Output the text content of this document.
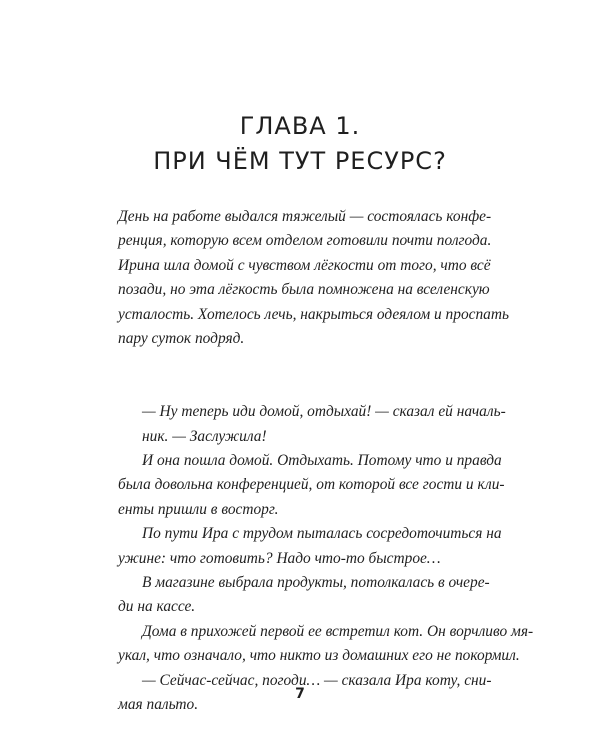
ГЛАВА 1.
ПРИ ЧЁМ ТУТ РЕСУРС?

День на работе выдался тяжелый — состоялась конфе-
ренция, которую всем отделом готовили почти полгода.
Ирина шла домой с чувством лёгкости от того, что всё
позади, но эта лёгкость была помножена на вселенскую
усталость. Хотелось лечь, накрыться одеялом и проспать
пару суток подряд.

— Ну теперь иди домой, отдыхай! — сказал ей началь-
ник. — Заслужила!

И она пошла домой. Отдыхать. Потому что и правда
была довольна конференцией, от которой все гости и кли-
енты пришли в восторг.

По пути Ира с трудом пыталась сосредоточиться на
ужине: что готовить? Надо что-то быстрое…

В магазине выбрала продукты, потолкалась в очере-
ди на кассе.

Дома в прихожей первой ее встретил кот. Он ворчливо мя-
укал, что означало, что никто из домашних его не покормил.

— Сейчас-сейчас, погоди… — сказала Ира коту, сни-
мая пальто.

7
